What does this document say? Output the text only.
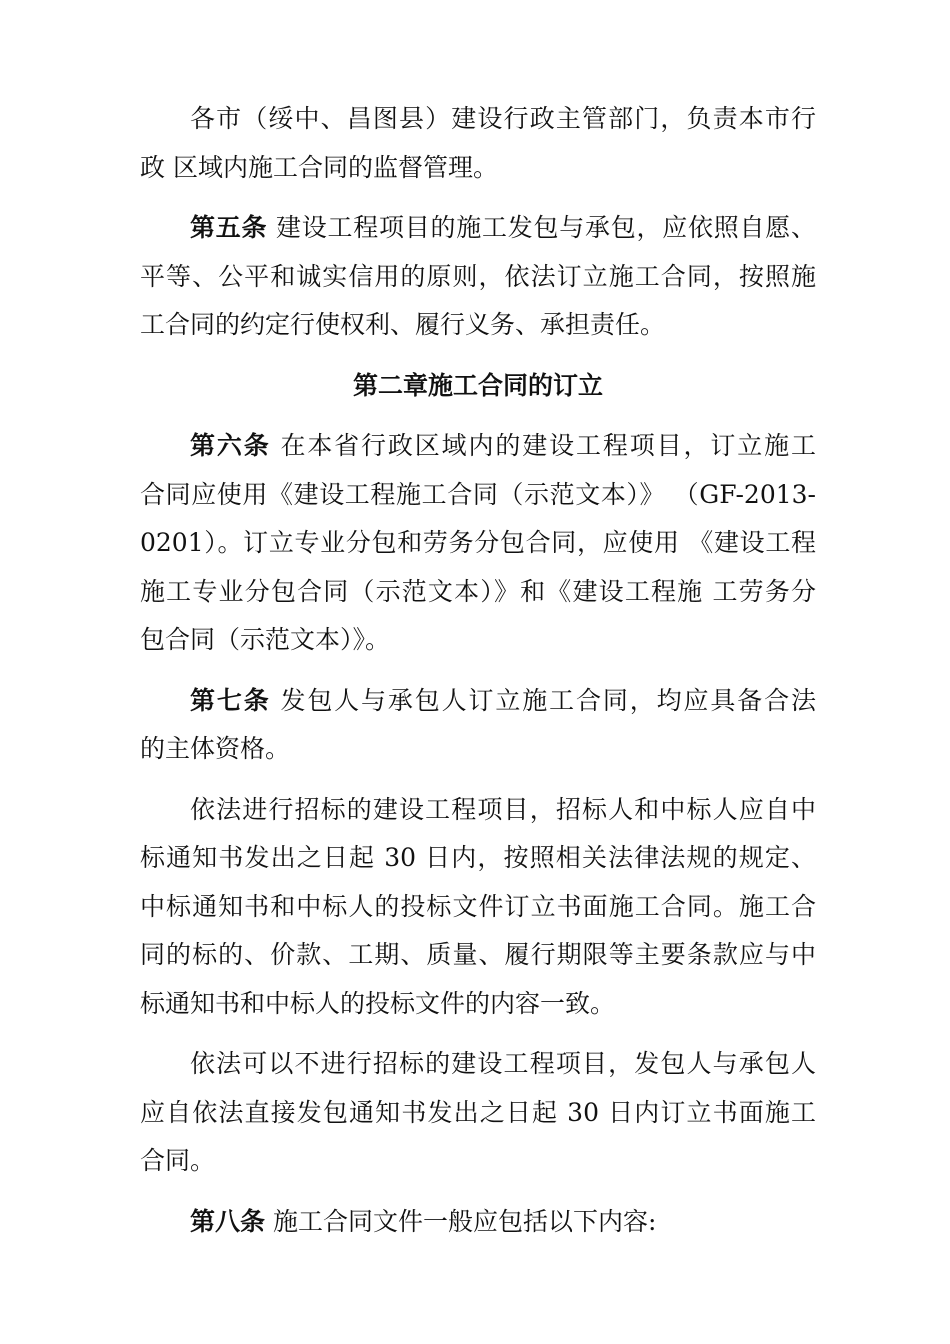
各市（绥中、昌图县）建设行政主管部门，负责本市行
政 区域内施工合同的监督管理。
第五条 建设工程项目的施工发包与承包，应依照自愿、
平等、公平和诚实信用的原则，依法订立施工合同，按照施
工合同的约定行使权利、履行义务、承担责任。
第二章施工合同的订立
第六条 在本省行政区域内的建设工程项目，订立施工
合同应使用《建设工程施工合同（示范文本）》 （GF-2013-
0201）。订立专业分包和劳务分包合同，应使用 《建设工程
施工专业分包合同（示范文本）》和《建设工程施 工劳务分
包合同（示范文本）》。
第七条 发包人与承包人订立施工合同，均应具备合法
的主体资格。
依法进行招标的建设工程项目，招标人和中标人应自中
标通知书发出之日起 30 日内，按照相关法律法规的规定、
中标通知书和中标人的投标文件订立书面施工合同。施工合
同的标的、价款、工期、质量、履行期限等主要条款应与中
标通知书和中标人的投标文件的内容一致。
依法可以不进行招标的建设工程项目，发包人与承包人
应自依法直接发包通知书发出之日起 30 日内订立书面施工
合同。
第八条 施工合同文件一般应包括以下内容:
